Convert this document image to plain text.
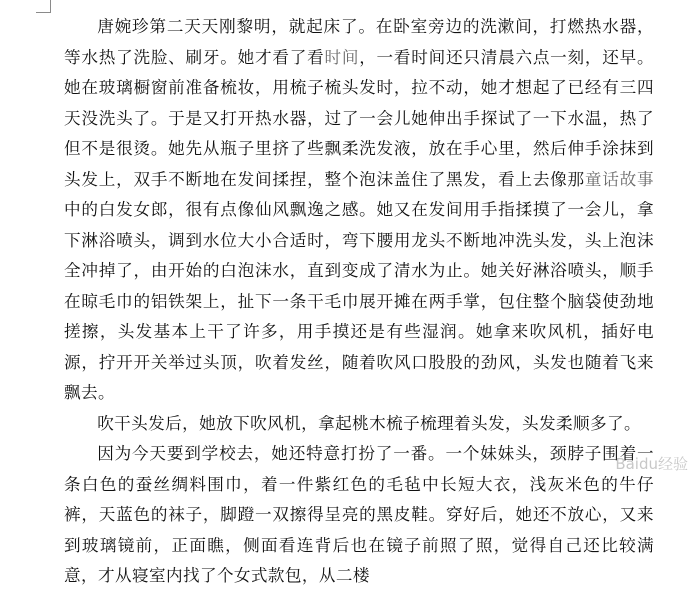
唐婉珍第二天天刚黎明，就起床了。在卧室旁边的洗漱间，打燃热水器，等水热了洗脸、刷牙。她才看了看时间，一看时间还只清晨六点一刻，还早。她在玻璃橱窗前准备梳妆，用梳子梳头发时，拉不动，她才想起了已经有三四天没洗头了。于是又打开热水器，过了一会儿她伸出手探试了一下水温，热了但不是很烫。她先从瓶子里挤了些飘柔洗发液，放在手心里，然后伸手涂抹到头发上，双手不断地在发间揉捏，整个泡沫盖住了黑发，看上去像那童话故事中的白发女郎，很有点像仙风飘逸之感。她又在发间用手指揉摸了一会儿，拿下淋浴喷头，调到水位大小合适时，弯下腰用龙头不断地冲洗头发，头上泡沫全冲掉了，由开始的白泡沫水，直到变成了清水为止。她关好淋浴喷头，顺手在晾毛巾的铝铁架上，扯下一条干毛巾展开摊在两手掌，包住整个脑袋使劲地搓擦，头发基本上干了许多，用手摸还是有些湿润。她拿来吹风机，插好电源，拧开开关举过头顶，吹着发丝，随着吹风口股股的劲风，头发也随着飞来飘去。

吹干头发后，她放下吹风机，拿起桃木梳子梳理着头发，头发柔顺多了。

因为今天要到学校去，她还特意打扮了一番。一个妹妹头，颈脖子围着一条白色的蚕丝绸料围巾，着一件紫红色的毛毡中长短大衣，浅灰米色的牛仔裤，天蓝色的袜子，脚蹬一双擦得呈亮的黑皮鞋。穿好后，她还不放心，又来到玻璃镜前，正面瞧，侧面看连背后也在镜子前照了照，觉得自己还比较满意，才从寝室内找了个女式款包，从二楼

Baidu经验
